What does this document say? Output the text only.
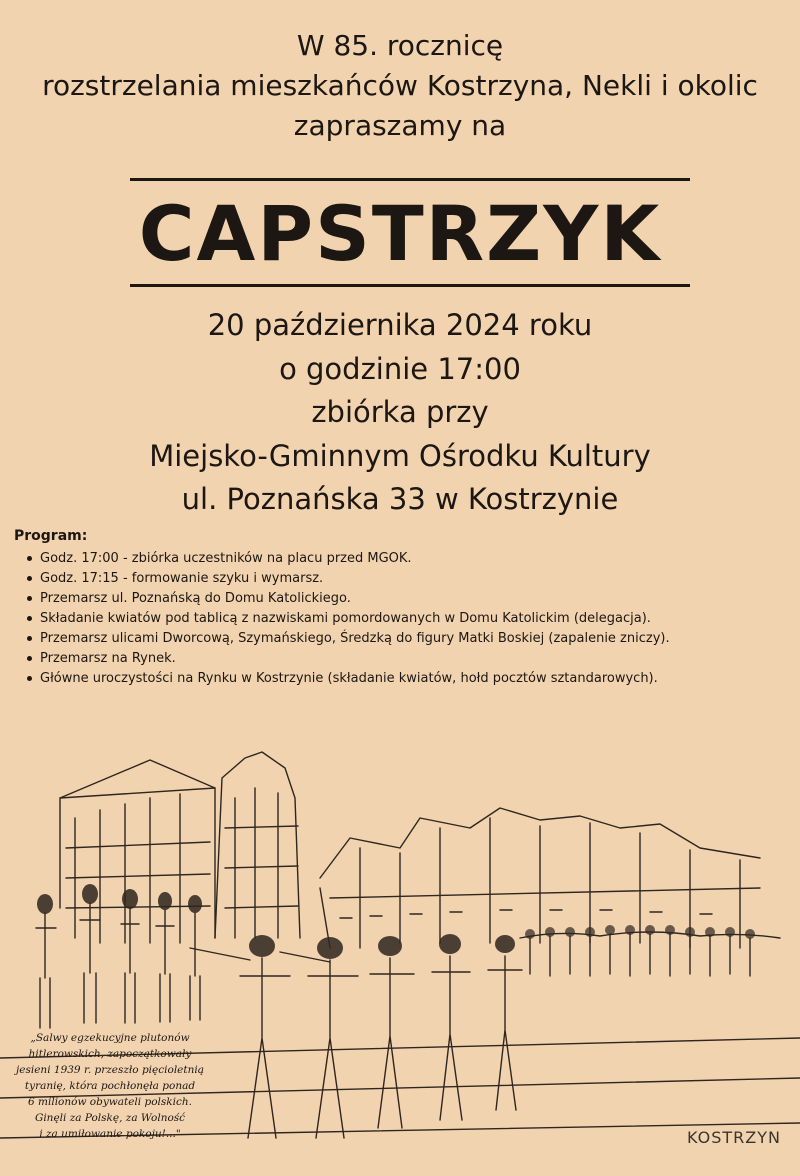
W 85. rocznicę
rozstrzelania mieszkańców Kostrzyna, Nekli i okolic
zapraszamy na
CAPSTRZYK
20 października 2024 roku
o godzinie 17:00
zbiórka przy
Miejsko-Gminnym Ośrodku Kultury
ul. Poznańska 33 w Kostrzynie
Program:
Godz. 17:00 - zbiórka uczestników na placu przed MGOK.
Godz. 17:15 - formowanie szyku i wymarsz.
Przemarsz ul. Poznańską do Domu Katolickiego.
Składanie kwiatów pod tablicą z nazwiskami pomordowanych w Domu Katolickim (delegacja).
Przemarsz ulicami Dworcową, Szymańskiego, Średzką do figury Matki Boskiej (zapalenie zniczy).
Przemarsz na Rynek.
Główne uroczystości na Rynku w Kostrzynie (składanie kwiatów, hołd pocztów sztandarowych).
„Salwy egzekucyjne plutonów
hitlerowskich, zapoczątkowały
jesieni 1939 r. przeszło pięcioletnią
tyranię, która pochłonęła ponad
6 milionów obywateli polskich.
Ginęli za Polskę, za Wolność
i za umiłowanie pokoju!..."	KOSTRZYN
